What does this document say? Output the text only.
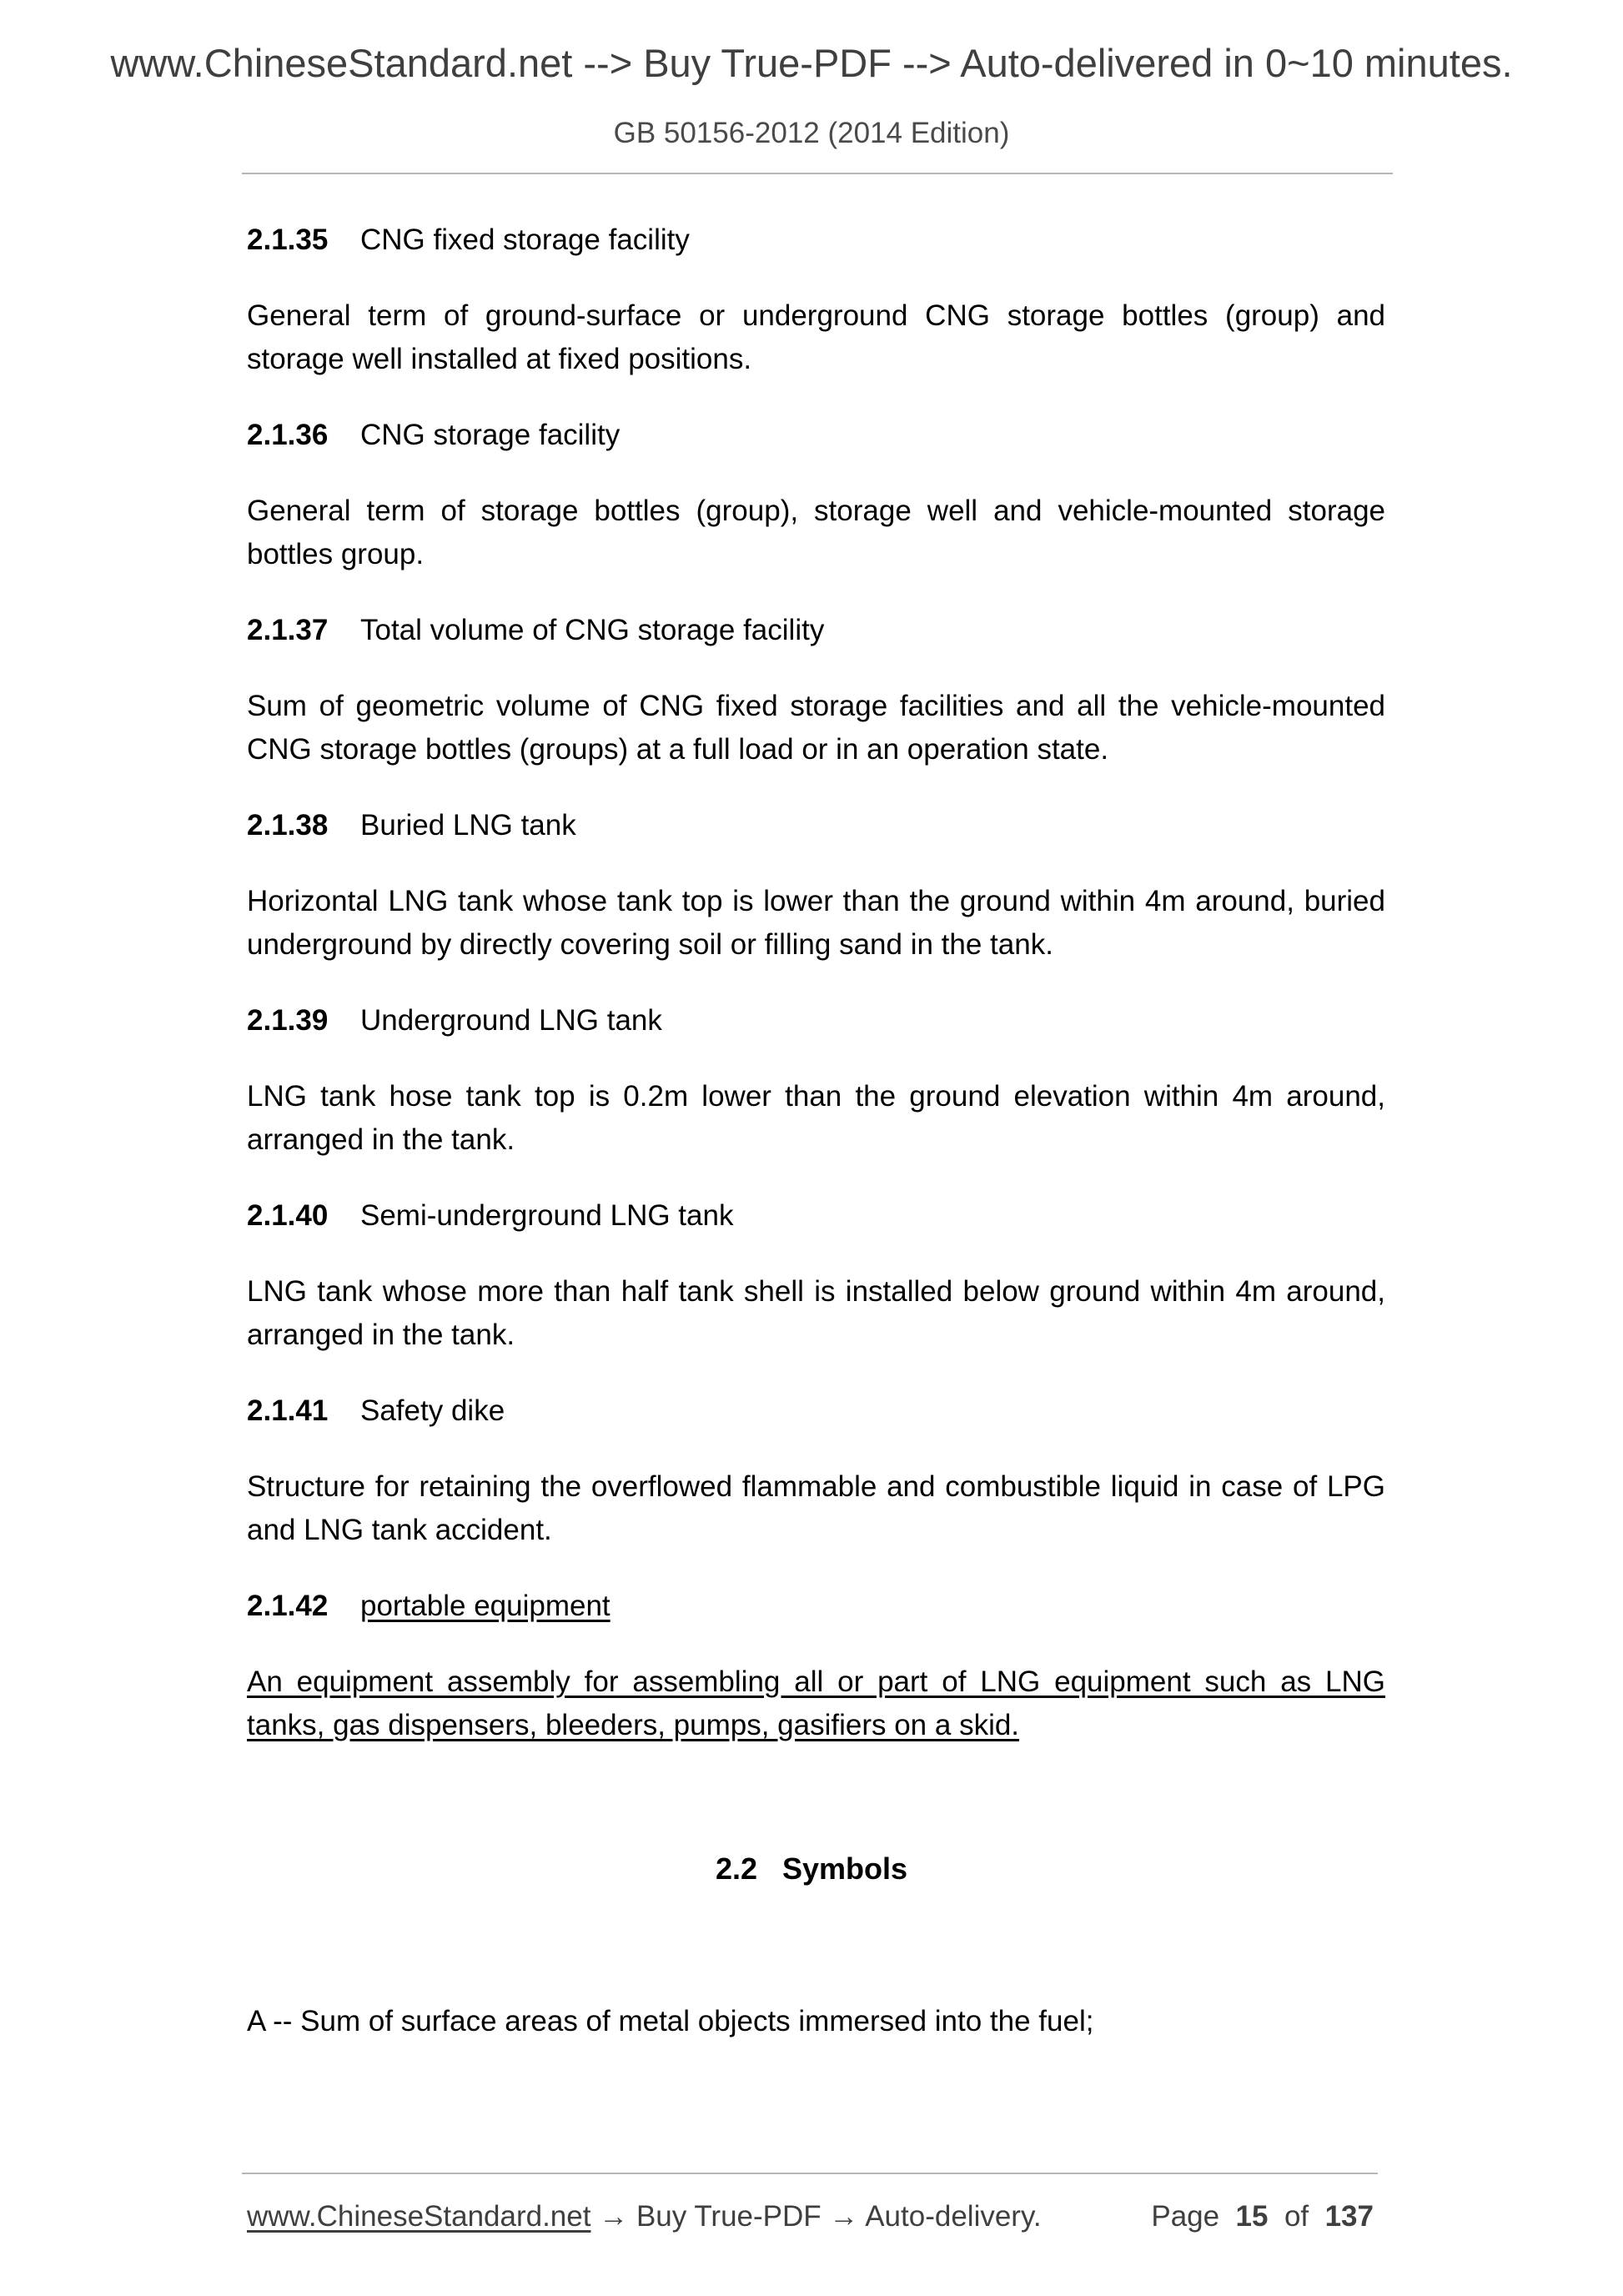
www.ChineseStandard.net --> Buy True-PDF --> Auto-delivered in 0~10 minutes.
GB 50156-2012 (2014 Edition)

2.1.35 CNG fixed storage facility

General term of ground-surface or underground CNG storage bottles (group) and storage well installed at fixed positions.

2.1.36 CNG storage facility

General term of storage bottles (group), storage well and vehicle-mounted storage bottles group.

2.1.37 Total volume of CNG storage facility

Sum of geometric volume of CNG fixed storage facilities and all the vehicle-mounted CNG storage bottles (groups) at a full load or in an operation state.

2.1.38 Buried LNG tank

Horizontal LNG tank whose tank top is lower than the ground within 4m around, buried underground by directly covering soil or filling sand in the tank.

2.1.39 Underground LNG tank

LNG tank hose tank top is 0.2m lower than the ground elevation within 4m around, arranged in the tank.

2.1.40 Semi-underground LNG tank

LNG tank whose more than half tank shell is installed below ground within 4m around, arranged in the tank.

2.1.41 Safety dike

Structure for retaining the overflowed flammable and combustible liquid in case of LPG and LNG tank accident.

2.1.42 portable equipment

An equipment assembly for assembling all or part of LNG equipment such as LNG tanks, gas dispensers, bleeders, pumps, gasifiers on a skid.

2.2 Symbols
A -- Sum of surface areas of metal objects immersed into the fuel;
www.ChineseStandard.net → Buy True-PDF → Auto-delivery.	Page 15 of 137
